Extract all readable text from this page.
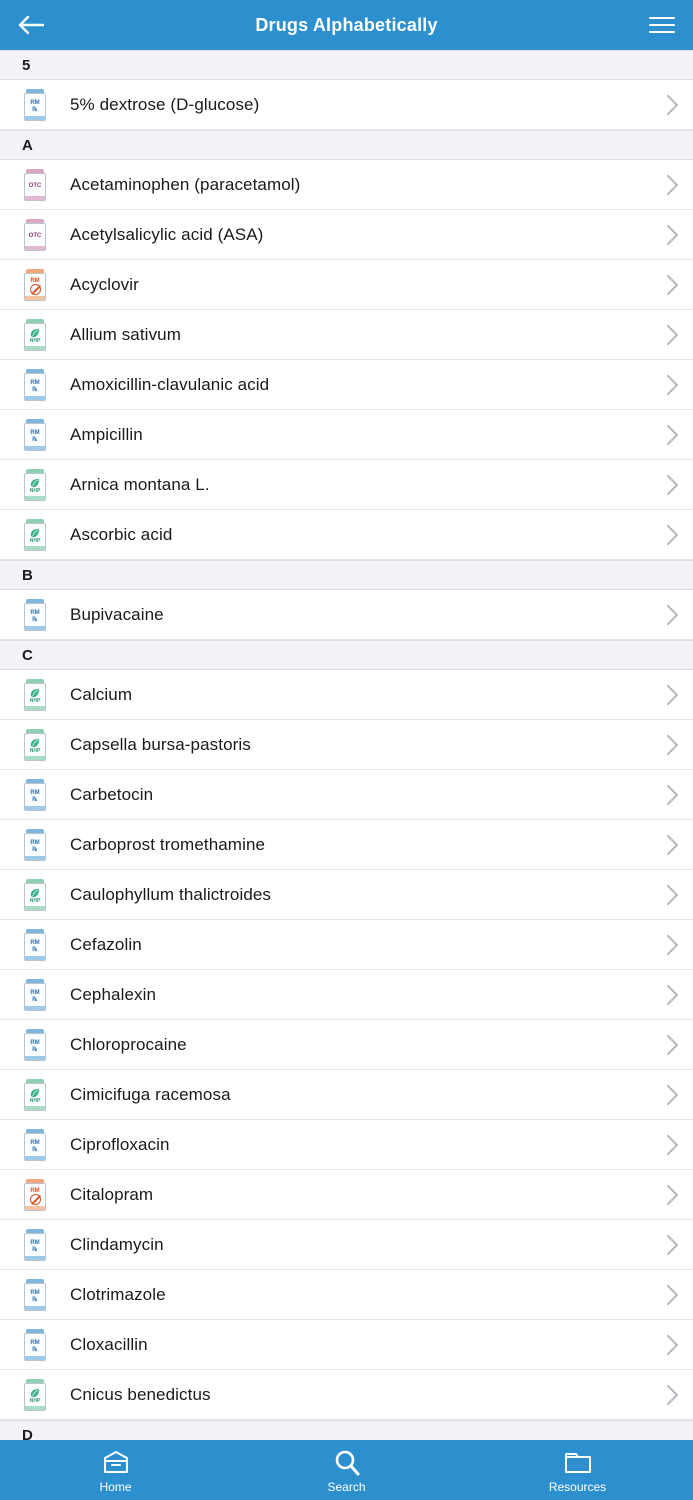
Drugs Alphabetically
5
RM
℞ 5% dextrose (D-glucose)
A
OTC Acetaminophen (paracetamol)
OTC Acetylsalicylic acid (ASA)
RM Acyclovir
NHP Allium sativum
RM
℞ Amoxicillin-clavulanic acid
RM
℞ Ampicillin
NHP Arnica montana L.
NHP Ascorbic acid
B
RM
℞ Bupivacaine
C
NHP Calcium
NHP Capsella bursa-pastoris
RM
℞ Carbetocin
RM
℞ Carboprost tromethamine
NHP Caulophyllum thalictroides
RM
℞ Cefazolin
RM
℞ Cephalexin
RM
℞ Chloroprocaine
NHP Cimicifuga racemosa
RM
℞ Ciprofloxacin
RM Citalopram
RM
℞ Clindamycin
RM
℞ Clotrimazole
RM
℞ Cloxacillin
NHP Cnicus benedictus
D
Home	Search	Resources
